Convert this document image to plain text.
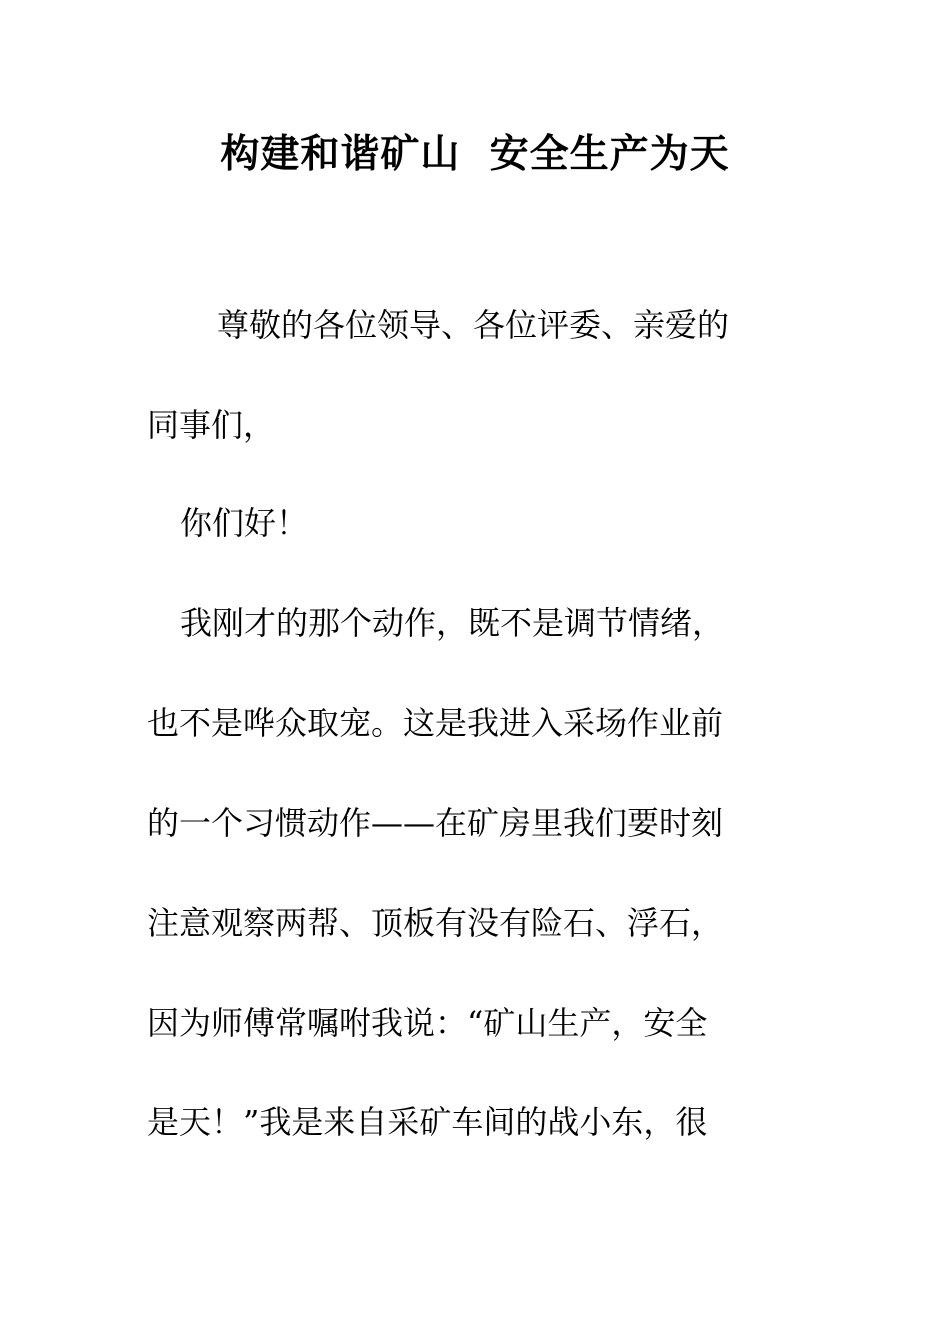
构建和谐矿山  安全生产为天
尊敬的各位领导、各位评委、亲爱的
同事们，
你们好！
我刚才的那个动作，既不是调节情绪，
也不是哗众取宠。这是我进入采场作业前
的一个习惯动作——在矿房里我们要时刻
注意观察两帮、顶板有没有险石、浮石，
因为师傅常嘱咐我说：“矿山生产，安全
是天！”我是来自采矿车间的战小东，很
